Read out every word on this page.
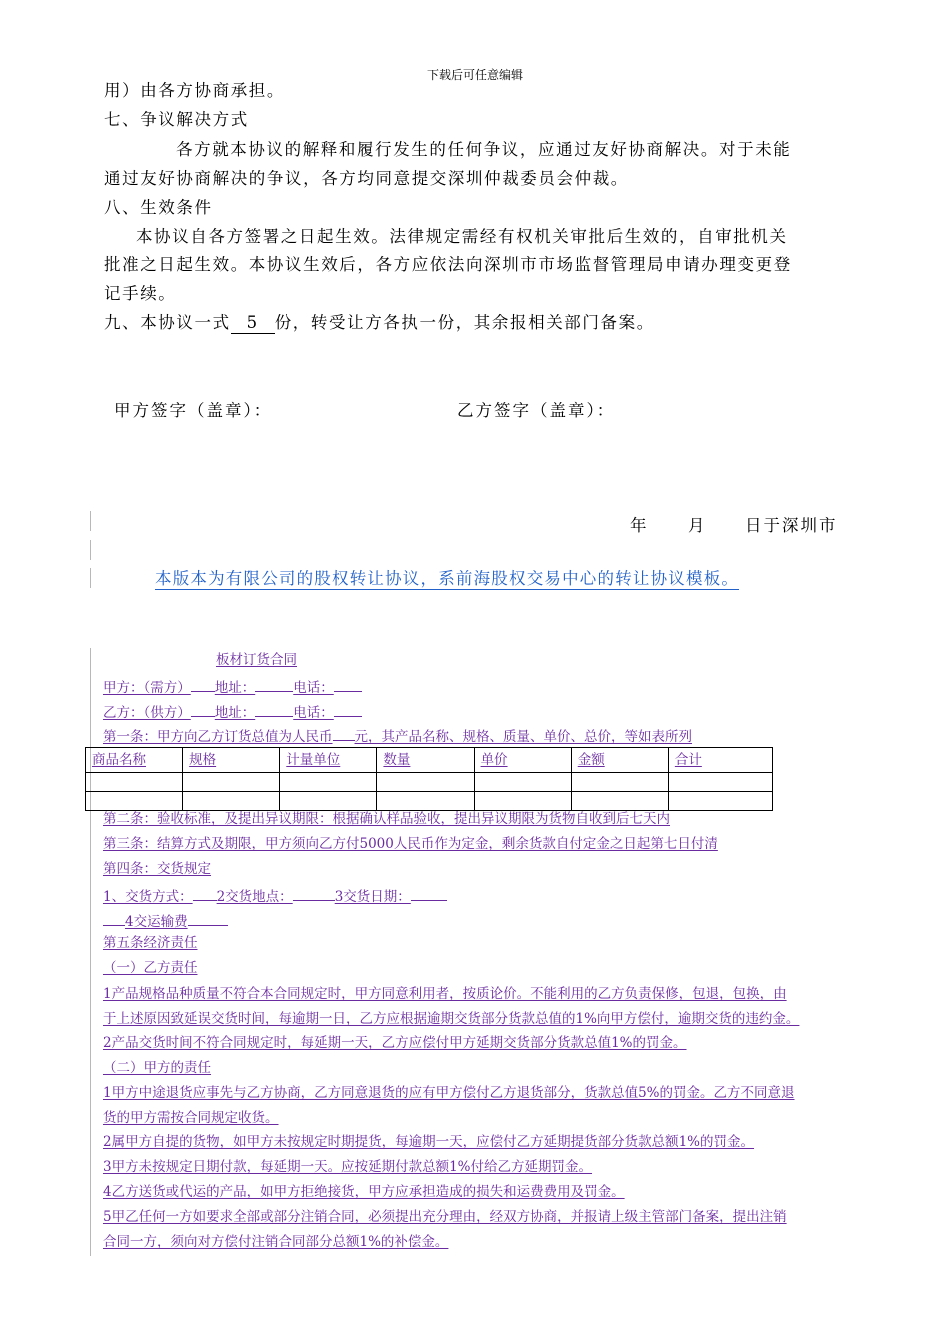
下载后可任意编辑
用）由各方协商承担。
七、争议解决方式
各方就本协议的解释和履行发生的任何争议，应通过友好协商解决。对于未能
通过友好协商解决的争议，各方均同意提交深圳仲裁委员会仲裁。
八、生效条件
本协议自各方签署之日起生效。法律规定需经有权机关审批后生效的，自审批机关
批准之日起生效。本协议生效后，各方应依法向深圳市市场监督管理局申请办理变更登
记手续。
九、本协议一式 5 份，转受让方各执一份，其余报相关部门备案。
甲方签字（盖章）：	乙方签字（盖章）：
年 月 日于深圳市
本版本为有限公司的股权转让协议，系前海股权交易中心的转让协议模板。
板材订货合同
甲方：（需方） 地址：	电话：
乙方：（供方） 地址：	电话：
第一条：甲方向乙方订货总值为人民币 元，其产品名称、规格、质量、单价、总价，等如表所列
商品名称	规格	计量单位	数量	单价	金额	合计

第二条：验收标准，及提出异议期限：根据确认样品验收，提出异议期限为货物自收到后七天内
第三条：结算方式及期限，甲方须向乙方付5000人民币作为定金，剩余货款自付定金之日起第七日付清
第四条：交货规定
1、交货方式： 2交货地点：	3交货日期：
4交运输费
第五条经济责任
（一）乙方责任
1产品规格品种质量不符合本合同规定时，甲方同意利用者，按质论价。不能利用的乙方负责保修，包退，包换，由
于上述原因致延误交货时间，每逾期一日，乙方应根据逾期交货部分货款总值的1%向甲方偿付，逾期交货的违约金。
2产品交货时间不符合同规定时，每延期一天，乙方应偿付甲方延期交货部分货款总值1%的罚金。
（二）甲方的责任
1甲方中途退货应事先与乙方协商，乙方同意退货的应有甲方偿付乙方退货部分，货款总值5%的罚金。乙方不同意退
货的甲方需按合同规定收货。
2属甲方自提的货物，如甲方未按规定时期提货，每逾期一天，应偿付乙方延期提货部分货款总额1%的罚金。
3甲方未按规定日期付款，每延期一天。应按延期付款总额1%付给乙方延期罚金。
4乙方送货或代运的产品，如甲方拒绝接货，甲方应承担造成的损失和运费费用及罚金。
5甲乙任何一方如要求全部或部分注销合同，必须提出充分理由，经双方协商，并报请上级主管部门备案，提出注销
合同一方，须向对方偿付注销合同部分总额1%的补偿金。
